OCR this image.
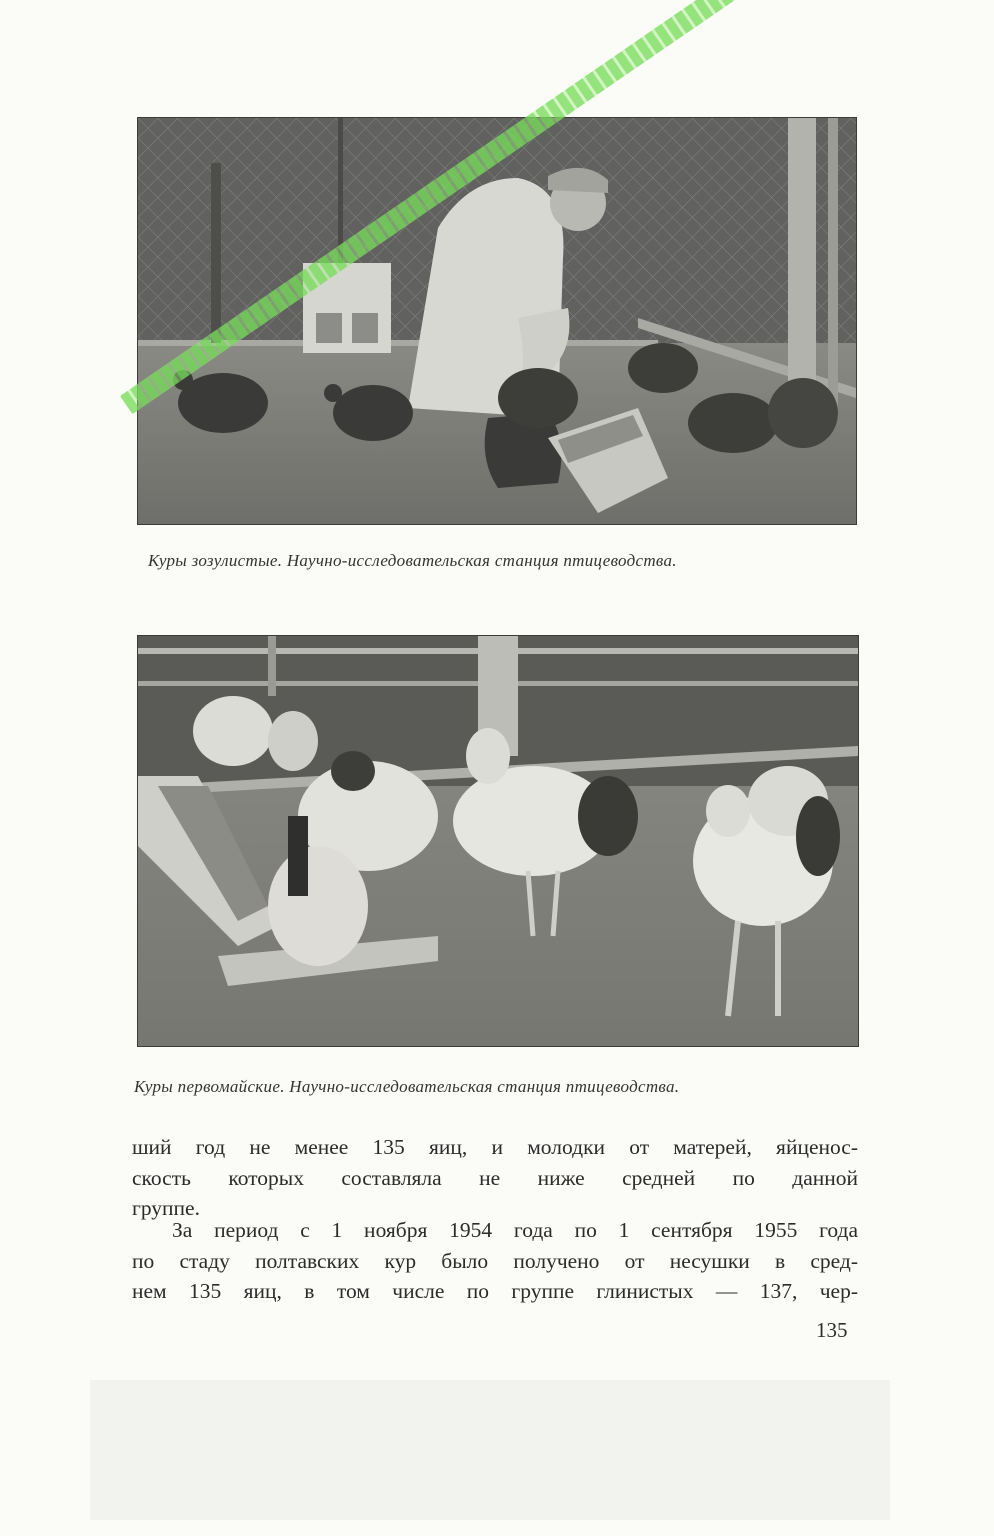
Куры зозулистые. Научно-исследовательская станция птицеводства.
Куры первомайские. Научно-исследовательская станция птицеводства.
ший год не менее 135 яиц, и молодки от матерей, яйценос-
скость которых составляла не ниже средней по данной
группе.
За период с 1 ноября 1954 года по 1 сентября 1955 года
по стаду полтавских кур было получено от несушки в сред-
нем 135 яиц, в том числе по группе глинистых — 137, чер-
135
